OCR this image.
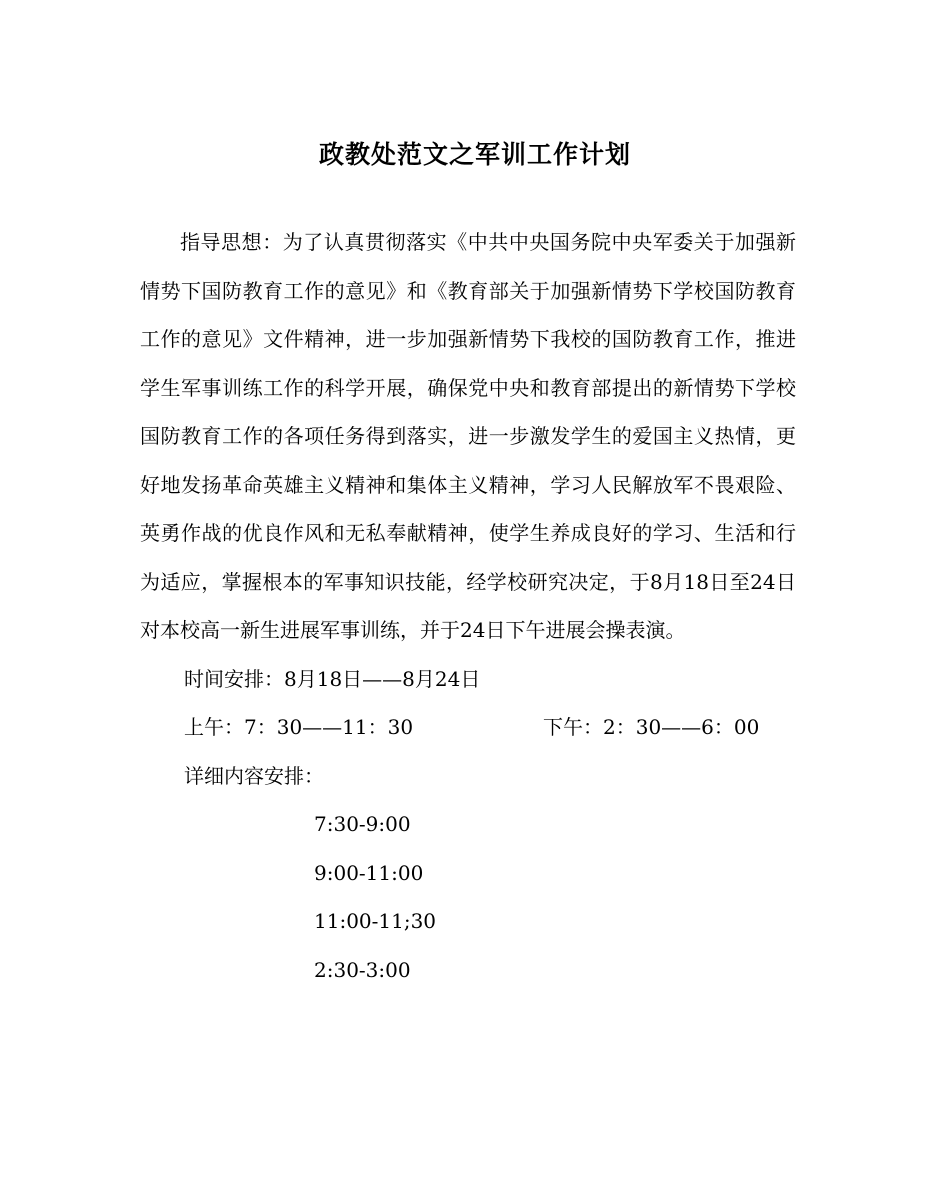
政教处范文之军训工作计划

指导思想：为了认真贯彻落实《中共中央国务院中央军委关于加强新情势下国防教育工作的意见》和《教育部关于加强新情势下学校国防教育工作的意见》文件精神，进一步加强新情势下我校的国防教育工作，推进学生军事训练工作的科学开展，确保党中央和教育部提出的新情势下学校国防教育工作的各项任务得到落实，进一步激发学生的爱国主义热情，更好地发扬革命英雄主义精神和集体主义精神，学习人民解放军不畏艰险、英勇作战的优良作风和无私奉献精神，使学生养成良好的学习、生活和行为适应，掌握根本的军事知识技能，经学校研究决定，于8月18日至24日对本校高一新生进展军事训练，并于24日下午进展会操表演。

时间安排：8月18日——8月24日

上午：7：30——11：30	下午：2：30——6：00

详细内容安排：

7:30-9:00
9:00-11:00
11:00-11;30
2:30-3:00
